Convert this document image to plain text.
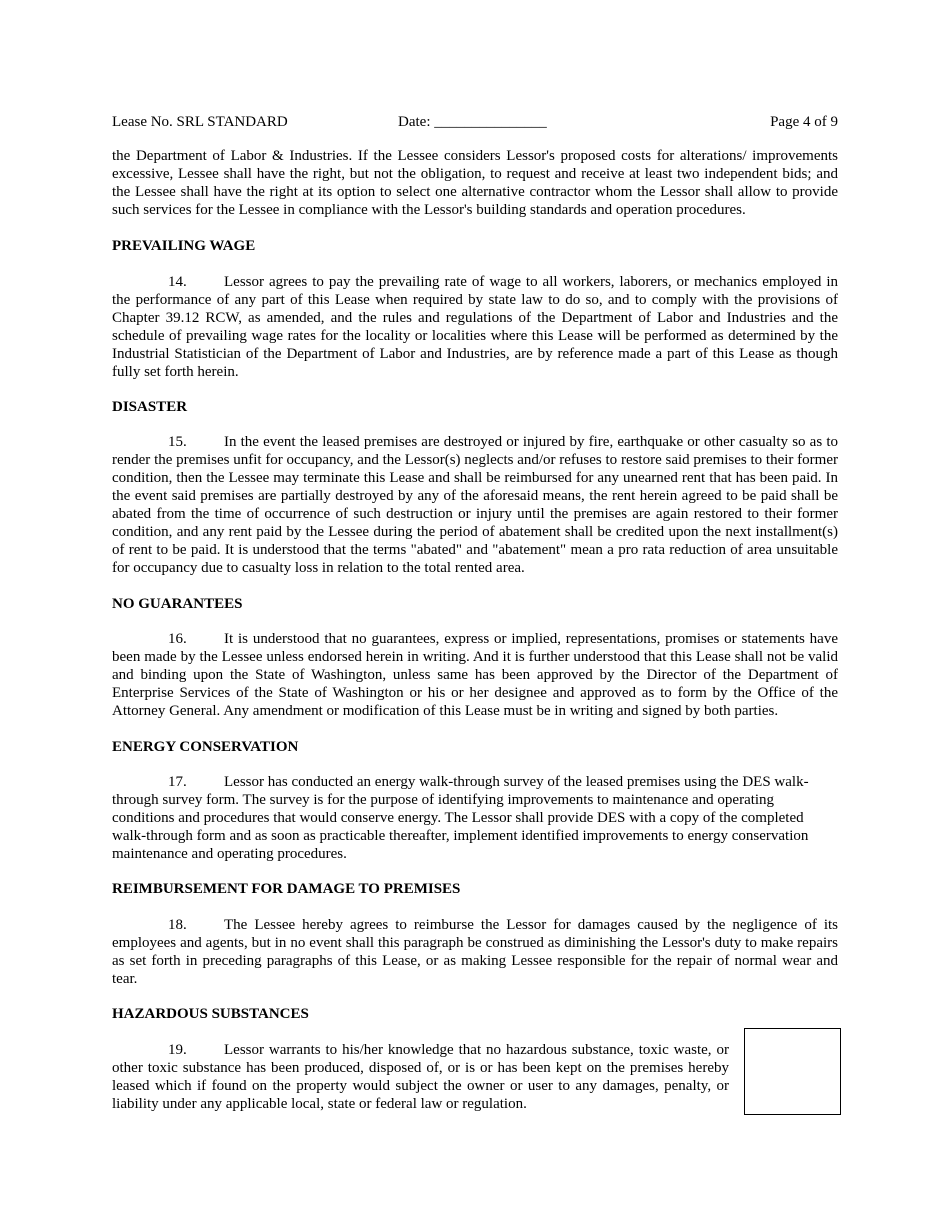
Lease No. SRL STANDARD	Date: _______________	Page 4 of 9
the Department of Labor & Industries. If the Lessee considers Lessor's proposed costs for alterations/ improvements excessive, Lessee shall have the right, but not the obligation, to request and receive at least two independent bids; and the Lessee shall have the right at its option to select one alternative contractor whom the Lessor shall allow to provide such services for the Lessee in compliance with the Lessor's building standards and operation procedures.
PREVAILING WAGE
14. Lessor agrees to pay the prevailing rate of wage to all workers, laborers, or mechanics employed in the performance of any part of this Lease when required by state law to do so, and to comply with the provisions of Chapter 39.12 RCW, as amended, and the rules and regulations of the Department of Labor and Industries and the schedule of prevailing wage rates for the locality or localities where this Lease will be performed as determined by the Industrial Statistician of the Department of Labor and Industries, are by reference made a part of this Lease as though fully set forth herein.
DISASTER
15. In the event the leased premises are destroyed or injured by fire, earthquake or other casualty so as to render the premises unfit for occupancy, and the Lessor(s) neglects and/or refuses to restore said premises to their former condition, then the Lessee may terminate this Lease and shall be reimbursed for any unearned rent that has been paid. In the event said premises are partially destroyed by any of the aforesaid means, the rent herein agreed to be paid shall be abated from the time of occurrence of such destruction or injury until the premises are again restored to their former condition, and any rent paid by the Lessee during the period of abatement shall be credited upon the next installment(s) of rent to be paid. It is understood that the terms "abated" and "abatement" mean a pro rata reduction of area unsuitable for occupancy due to casualty loss in relation to the total rented area.
NO GUARANTEES
16. It is understood that no guarantees, express or implied, representations, promises or statements have been made by the Lessee unless endorsed herein in writing. And it is further understood that this Lease shall not be valid and binding upon the State of Washington, unless same has been approved by the Director of the Department of Enterprise Services of the State of Washington or his or her designee and approved as to form by the Office of the Attorney General. Any amendment or modification of this Lease must be in writing and signed by both parties.
ENERGY CONSERVATION
17. Lessor has conducted an energy walk-through survey of the leased premises using the DES walk-through survey form. The survey is for the purpose of identifying improvements to maintenance and operating conditions and procedures that would conserve energy. The Lessor shall provide DES with a copy of the completed walk-through form and as soon as practicable thereafter, implement identified improvements to energy conservation maintenance and operating procedures.
REIMBURSEMENT FOR DAMAGE TO PREMISES
18. The Lessee hereby agrees to reimburse the Lessor for damages caused by the negligence of its employees and agents, but in no event shall this paragraph be construed as diminishing the Lessor's duty to make repairs as set forth in preceding paragraphs of this Lease, or as making Lessee responsible for the repair of normal wear and tear.
HAZARDOUS SUBSTANCES
19. Lessor warrants to his/her knowledge that no hazardous substance, toxic waste, or other toxic substance has been produced, disposed of, or is or has been kept on the premises hereby leased which if found on the property would subject the owner or user to any damages, penalty, or liability under any applicable local, state or federal law or regulation.
